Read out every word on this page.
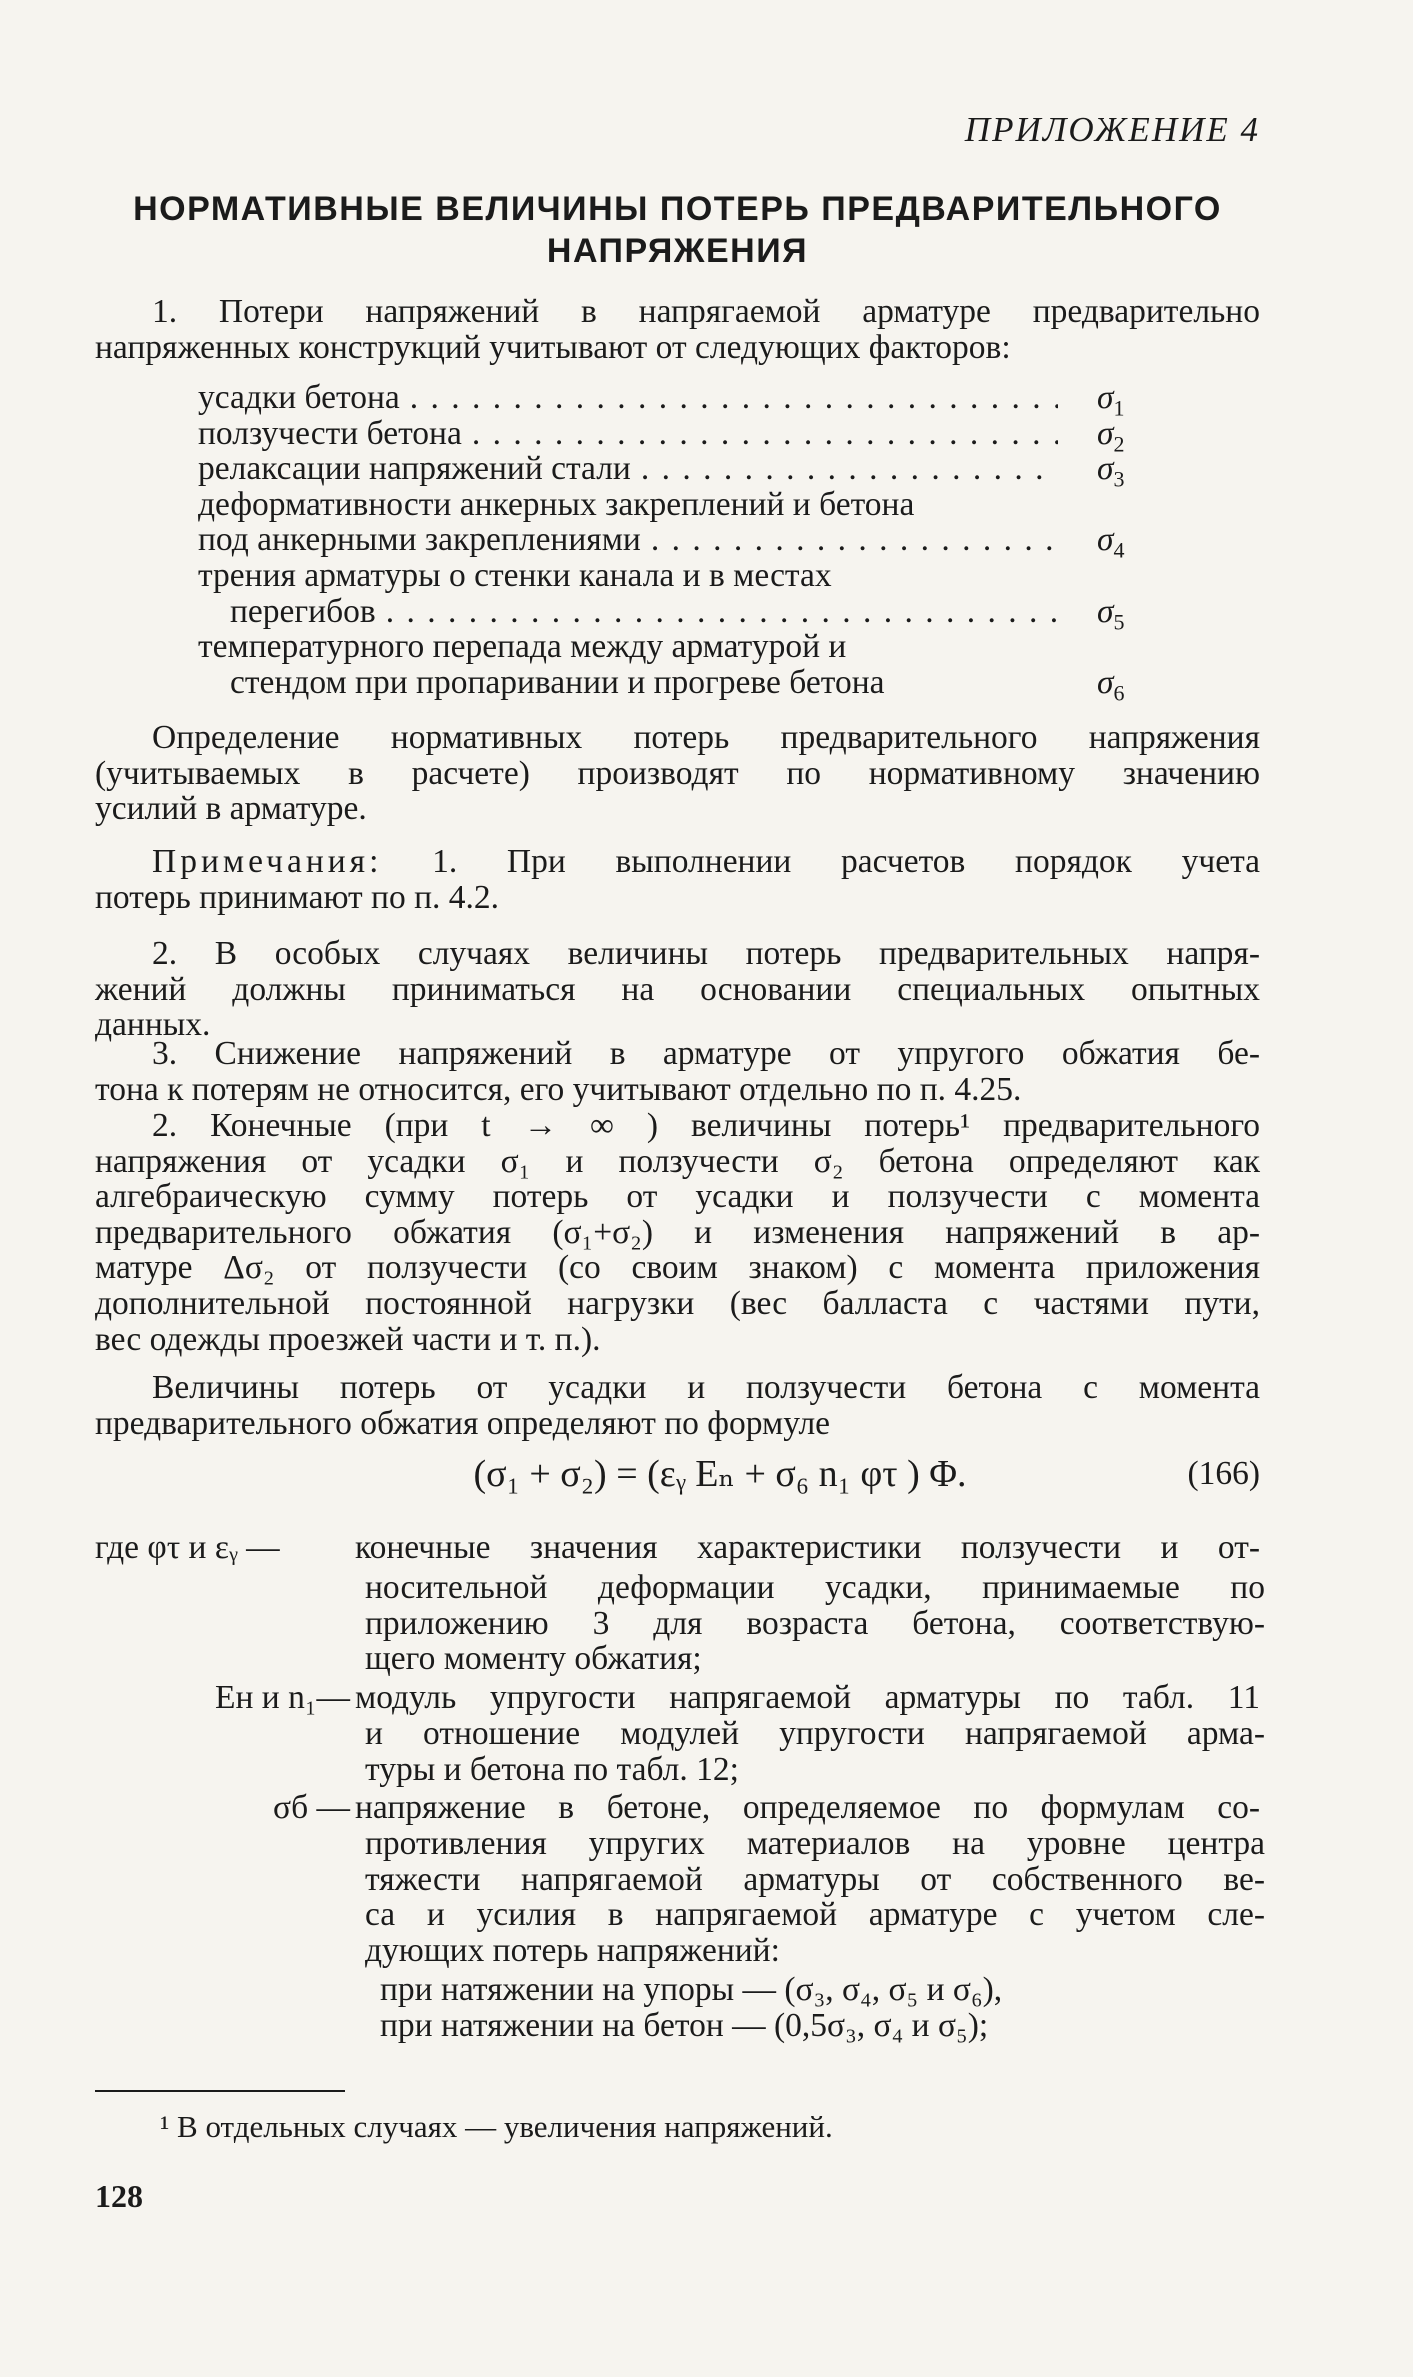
ПРИЛОЖЕНИЕ 4
НОРМАТИВНЫЕ ВЕЛИЧИНЫ ПОТЕРЬ ПРЕДВАРИТЕЛЬНОГО
НАПРЯЖЕНИЯ
1. Потери напряжений в напрягаемой арматуре предварительно
напряженных конструкций учитывают от следующих факторов:
усадки бетона
. . .
ползучести бетона
. . .
релаксации напряжений стали
. . .
деформативности анкерных закреплений и бетона
под анкерными закреплениями
. . .
трения арматуры о стенки канала и в местах
перегибов
. . .
температурного перепада между арматурой и
стендом при пропаривании и прогреве бетона
$\sigma_1$
$\sigma_2$
$\sigma_3$
$\sigma_4$
$\sigma_5$
$\sigma_6$
Определение нормативных потерь предварительного напряжения
(учитываемых в расчете) производят по нормативному значению
усилий в арматуре.
Примечания: 1. При выполнении расчетов порядок учета
потерь принимают по п. 4.2.
2. В особых случаях величины потерь предварительных напря-
жений должны приниматься на основании специальных опытных
данных.
3. Снижение напряжений в арматуре от упругого обжатия бе-
тона к потерям не относится, его учитывают отдельно по п. 4.25.
2. Конечные (при t → ∞ ) величины потерь¹ предварительного
напряжения от усадки σ₁ и ползучести σ₂ бетона определяют как
алгебраическую сумму потерь от усадки и ползучести с момента
предварительного обжатия (σ₁+σ₂) и изменения напряжений в ар-
матуре Δσ₂ от ползучести (со своим знаком) с момента приложения
дополнительной постоянной нагрузки (вес балласта с частями пути,
вес одежды проезжей части и т. п.).
Величины потерь от усадки и ползучести бетона с момента
предварительного обжатия определяют по формуле
(σ₁ + σ₂) = (εᵧ Eₙ + σ₆ n₁ φτ ) Φ.	(166)
где φτ и εᵧ —	конечные значения характеристики ползучести и от-
носительной деформации усадки, принимаемые по
приложению 3 для возраста бетона, соответствую-
щего моменту обжатия;
Eн и n₁— модуль упругости напрягаемой арматуры по табл. 11
и отношение модулей упругости напрягаемой арма-
туры и бетона по табл. 12;
σб — напряжение в бетоне, определяемое по формулам со-
противления упругих материалов на уровне центра
тяжести напрягаемой арматуры от собственного ве-
са и усилия в напрягаемой арматуре с учетом сле-
дующих потерь напряжений:
при натяжении на упоры — (σ₃, σ₄, σ₅ и σ₆),
при натяжении на бетон — (0,5σ₃, σ₄ и σ₅);
¹ В отдельных случаях — увеличения напряжений.
128
